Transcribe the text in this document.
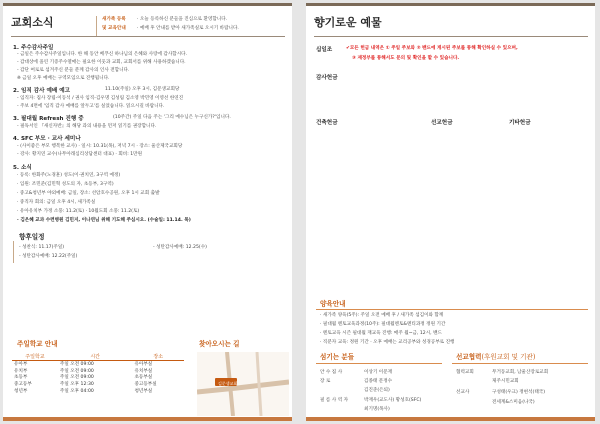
교회소식	새가족 등록 · 오늘 등록하신 분들을 진심으로 환영합니다.
및 교육안내 · 예배 후 안내를 받아 새가족실로 오시기 바랍니다.
1. 주수감사주일
- 금일은 주수감사주일입니다. 한 해 동안 베푸신 하나님의 은혜와 사랑에 감사합시다.
- 감대상에 올린 기증주수열매는 필요한 이웃과 교회, 교회서를 위해 사용하겠습니다.
- 감단 여로로 섬겨주신 분들 분께 감사의 인사 전합니다.
※ 금일 오후 예배는 구역모임으로 진행됩니다.
2. 임직 감사 예배 예고	11.10(주일) 오후 3시, 김문생교회당
- 임직자: 집사 장립-이동석 / 권사 임직-김우명 김성림 김소영 박민영 이영선 한연진
- 주보 4면에 '임직 감사 예배를 앞두고'를 실었습니다. 읽으시길 바랍니다.
3. 필대월 Refresh 진행 중	(10주간) 주일 다음 주는 '그리 예수님은 누구신가?'입니다.
- 필독서인 『새신자반』의 해당 과의 내용을 먼저 읽기를 권장합니다.
4. SFC 부모 · 교사 세미나
- (사이좋은 부모 행복한 교사) · 일시: 10.31(목), 저녁 7시 · 장소: 울산제국교회당
- 강사: 황지연 교수(나무아래심리상담센터 대표) · 회비: 1만원
5. 소식
· 등록: 한화주(노경훈) 성도(이·권치연, 3구역 예정)
· 입원: 조민준(김민혁 성도의 자, 초등부, 3구역)
· 중고&청년부 야외예배: 금일, 장소: 선암호수공원, 오후 1시 교회 출발
· 중직자 회의: 금일 오후 4시, 새가족실
· 유아유치부 가정 소풍: 11.2(토) · 10월도회 소풍: 11.2(토)
· 김은혜 교과 수련병원 김민지, 이나연님 위해 기도해 주십시오. (수술일: 11.14. 목)
향후일정
- 성찬식: 11.17(주일)	- 성탄감사예배: 12.25(수)
- 성탄감사예배: 12.22(주일)
주일학교 안내
주일학교	시간	장소
유아부	주일 오전 09:00	유아부실
유치부	주일 오전 09:00	유치부실
초등부	주일 오전 09:00	초등부실
중고등부	주일 오후 12:30	중고등부실
청년부	주일 오후 04:00	청년부실
찾아오시는 길
김문생교회
향기로운 예물
십일조	✔모든 헌금 내역은 ① 주일 주보와 ② 밴드에 게시된 주보를 통해 확인하실 수 있으며,
③ 재정부를 통해서도 문의 및 확인을 할 수 있습니다.
감사헌금
건축헌금	선교헌금	기타헌금
양육안내
· 새가족 양육(5주): 주일 오전 예배 후 / 새가족 섬김이와 함께
· 필대월 멘토교육과정(10주): 필대월멘토&멘티과정 정원 기간
· 멘토교육 시즌 필대월 재교육 진행: 매주 월~금, 12시, 밴드
· 직분자 교육: 정원 기간 · 오후 예배는 교리공부와 성경공부로 진행
섬기는 분들
안 수 집 사	이상기 이문재
장 로	김종태 문정수
김진준(은퇴)
필 름 사 역 자	박재우(교도사) 황성호(SFC)
최기명(목사)
선교협력(후원교회 및 기관)
협력교회	무거동교회, 남울산장로교회
제주시민교회
선교사	구성태(우크) 정현석(태국)
전세계&스미음(나국)
